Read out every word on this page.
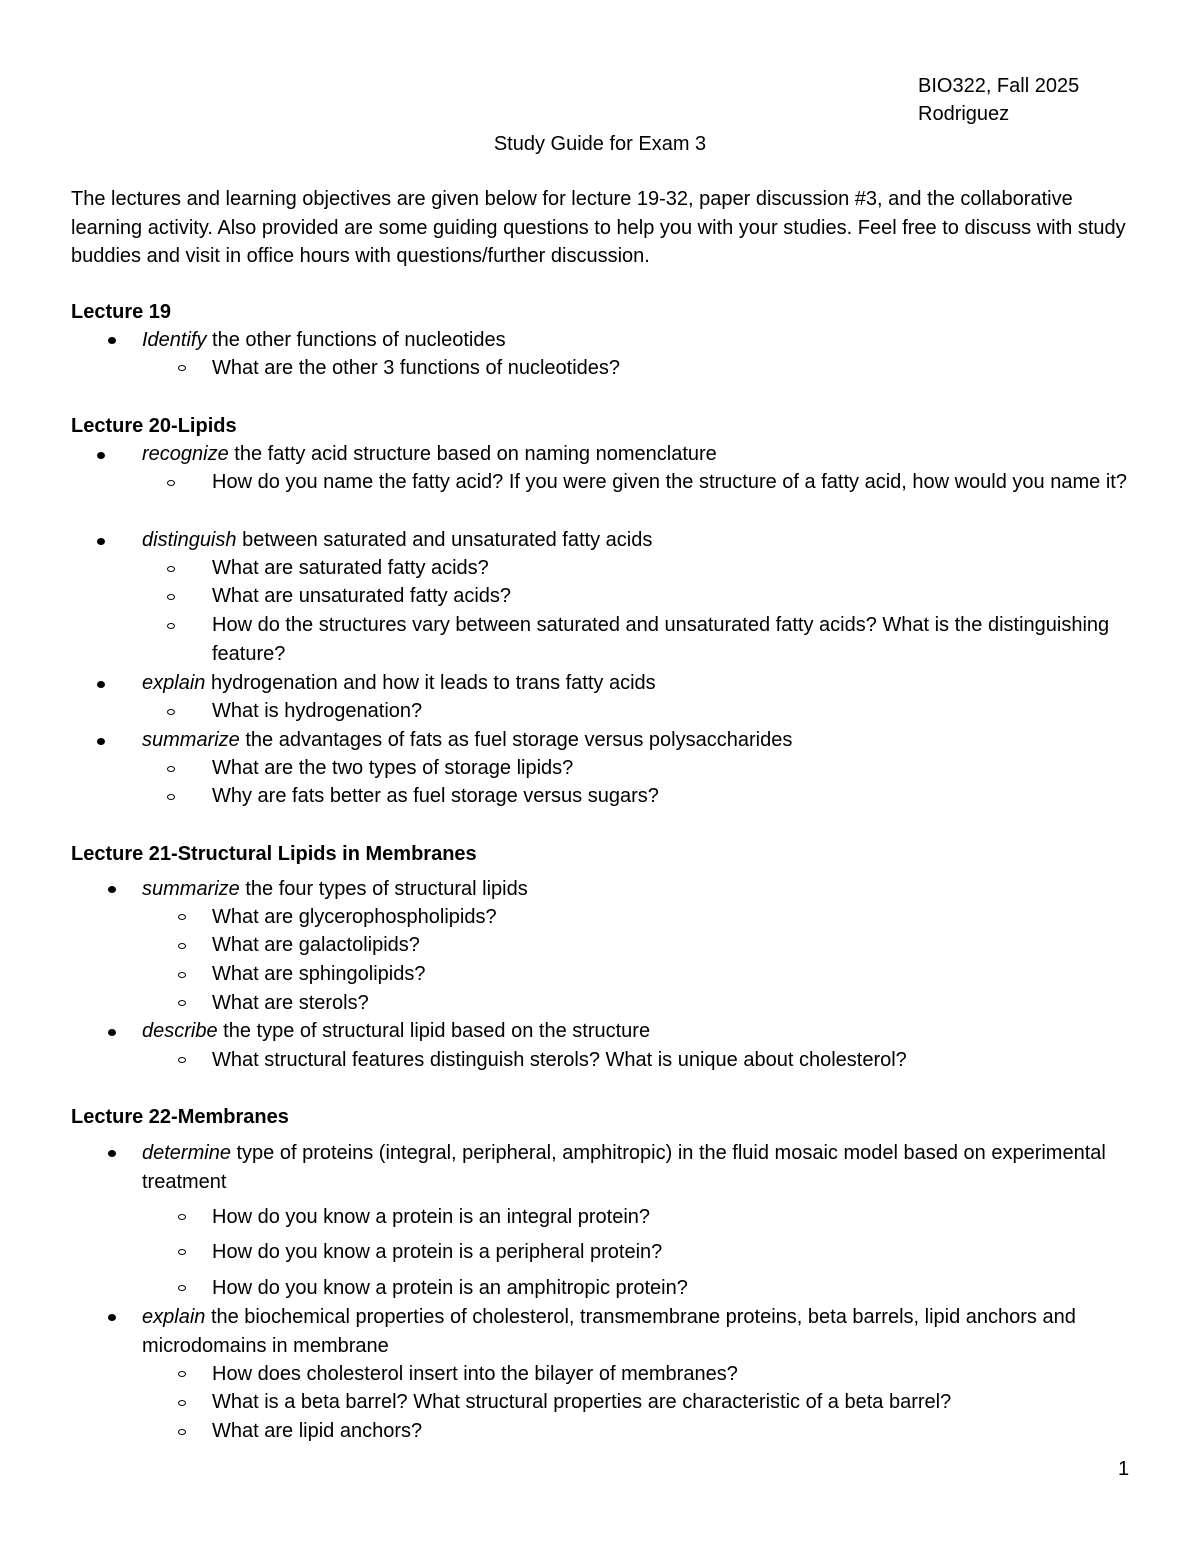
BIO322, Fall 2025
Rodriguez
Study Guide for Exam 3
The lectures and learning objectives are given below for lecture 19-32, paper discussion #3, and the collaborative learning activity. Also provided are some guiding questions to help you with your studies. Feel free to discuss with study buddies and visit in office hours with questions/further discussion.
Lecture 19
Identify the other functions of nucleotides
What are the other 3 functions of nucleotides?
Lecture 20-Lipids
recognize the fatty acid structure based on naming nomenclature
How do you name the fatty acid? If you were given the structure of a fatty acid, how would you name it?
distinguish between saturated and unsaturated fatty acids
What are saturated fatty acids?
What are unsaturated fatty acids?
How do the structures vary between saturated and unsaturated fatty acids? What is the distinguishing feature?
explain hydrogenation and how it leads to trans fatty acids
What is hydrogenation?
summarize the advantages of fats as fuel storage versus polysaccharides
What are the two types of storage lipids?
Why are fats better as fuel storage versus sugars?
Lecture 21-Structural Lipids in Membranes
summarize the four types of structural lipids
What are glycerophospholipids?
What are galactolipids?
What are sphingolipids?
What are sterols?
describe the type of structural lipid based on the structure
What structural features distinguish sterols? What is unique about cholesterol?
Lecture 22-Membranes
determine type of proteins (integral, peripheral, amphitropic) in the fluid mosaic model based on experimental treatment
How do you know a protein is an integral protein?
How do you know a protein is a peripheral protein?
How do you know a protein is an amphitropic protein?
explain the biochemical properties of cholesterol, transmembrane proteins, beta barrels, lipid anchors and microdomains in membrane
How does cholesterol insert into the bilayer of membranes?
What is a beta barrel? What structural properties are characteristic of a beta barrel?
What are lipid anchors?
1
